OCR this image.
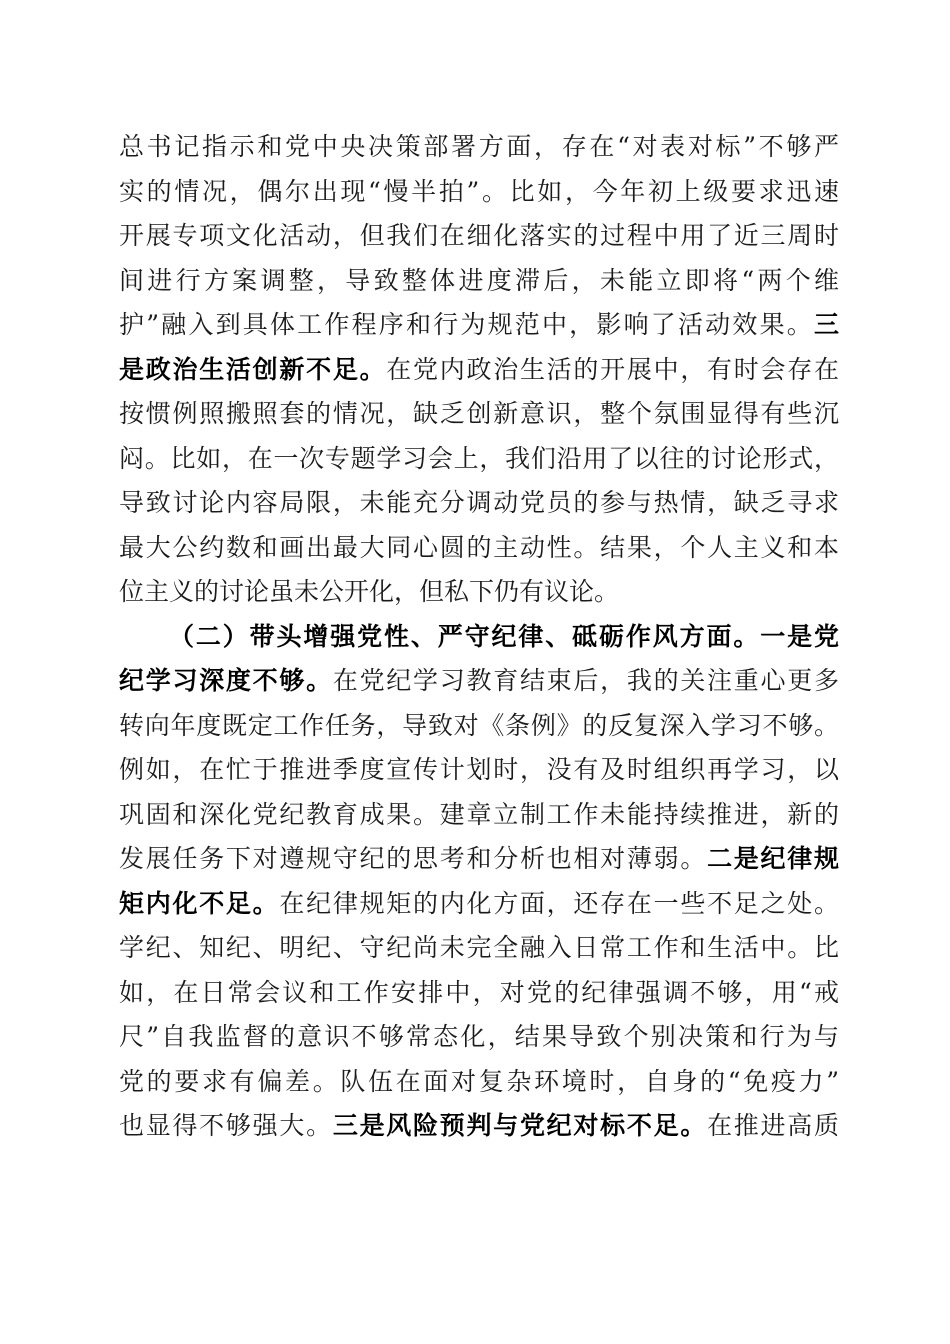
总书记指示和党中央决策部署方面，存在“对表对标”不够严
实的情况，偶尔出现“慢半拍”。比如，今年初上级要求迅速
开展专项文化活动，但我们在细化落实的过程中用了近三周时
间进行方案调整，导致整体进度滞后，未能立即将“两个维
护”融入到具体工作程序和行为规范中，影响了活动效果。三
是政治生活创新不足。在党内政治生活的开展中，有时会存在
按惯例照搬照套的情况，缺乏创新意识，整个氛围显得有些沉
闷。比如，在一次专题学习会上，我们沿用了以往的讨论形式，
导致讨论内容局限，未能充分调动党员的参与热情，缺乏寻求
最大公约数和画出最大同心圆的主动性。结果，个人主义和本
位主义的讨论虽未公开化，但私下仍有议论。
（二）带头增强党性、严守纪律、砥砺作风方面。一是党
纪学习深度不够。在党纪学习教育结束后，我的关注重心更多
转向年度既定工作任务，导致对《条例》的反复深入学习不够。
例如，在忙于推进季度宣传计划时，没有及时组织再学习，以
巩固和深化党纪教育成果。建章立制工作未能持续推进，新的
发展任务下对遵规守纪的思考和分析也相对薄弱。二是纪律规
矩内化不足。在纪律规矩的内化方面，还存在一些不足之处。
学纪、知纪、明纪、守纪尚未完全融入日常工作和生活中。比
如，在日常会议和工作安排中，对党的纪律强调不够，用“戒
尺”自我监督的意识不够常态化，结果导致个别决策和行为与
党的要求有偏差。队伍在面对复杂环境时，自身的“免疫力”
也显得不够强大。三是风险预判与党纪对标不足。在推进高质
